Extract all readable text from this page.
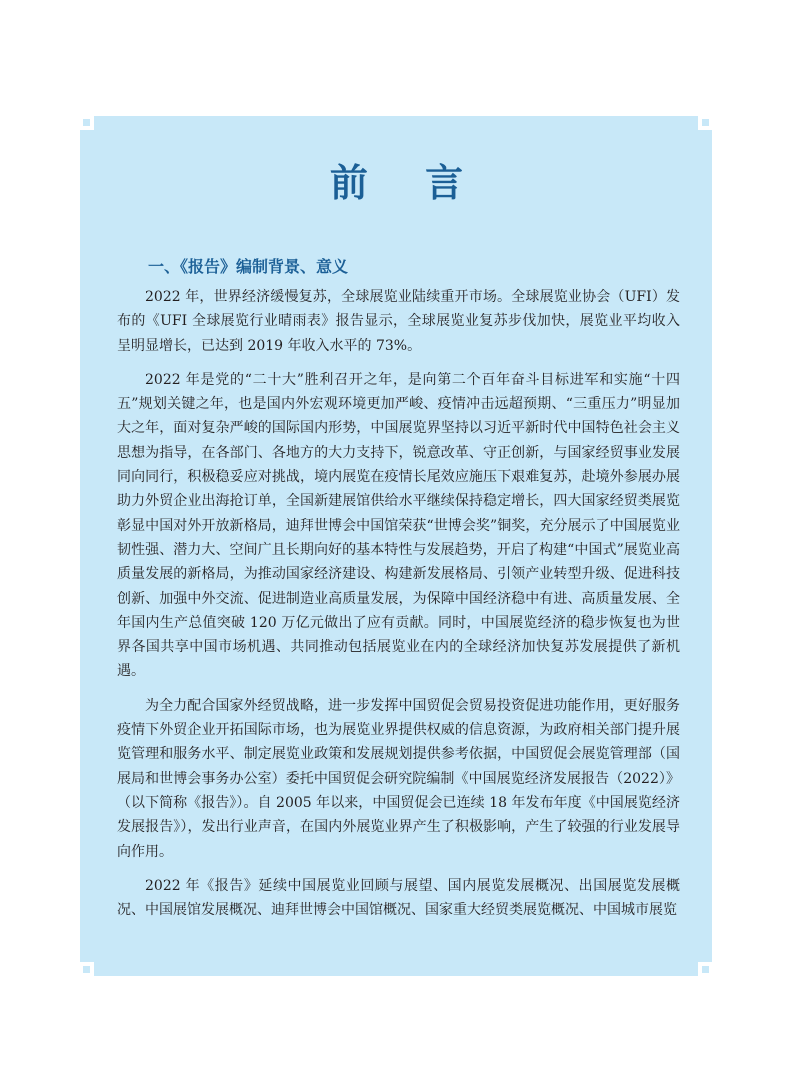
前 言
一、《报告》编制背景、意义

2022 年，世界经济缓慢复苏，全球展览业陆续重开市场。全球展览业协会（UFI）发布的《UFI 全球展览行业晴雨表》报告显示，全球展览业复苏步伐加快，展览业平均收入呈明显增长，已达到 2019 年收入水平的 73%。

2022 年是党的“二十大”胜利召开之年，是向第二个百年奋斗目标进军和实施“十四五”规划关键之年，也是国内外宏观环境更加严峻、疫情冲击远超预期、“三重压力”明显加大之年，面对复杂严峻的国际国内形势，中国展览界坚持以习近平新时代中国特色社会主义思想为指导，在各部门、各地方的大力支持下，锐意改革、守正创新，与国家经贸事业发展同向同行，积极稳妥应对挑战，境内展览在疫情长尾效应施压下艰难复苏，赴境外参展办展助力外贸企业出海抢订单，全国新建展馆供给水平继续保持稳定增长，四大国家经贸类展览彰显中国对外开放新格局，迪拜世博会中国馆荣获“世博会奖”铜奖，充分展示了中国展览业韧性强、潜力大、空间广且长期向好的基本特性与发展趋势，开启了构建“中国式”展览业高质量发展的新格局，为推动国家经济建设、构建新发展格局、引领产业转型升级、促进科技创新、加强中外交流、促进制造业高质量发展，为保障中国经济稳中有进、高质量发展、全年国内生产总值突破 120 万亿元做出了应有贡献。同时，中国展览经济的稳步恢复也为世界各国共享中国市场机遇、共同推动包括展览业在内的全球经济加快复苏发展提供了新机遇。

为全力配合国家外经贸战略，进一步发挥中国贸促会贸易投资促进功能作用，更好服务疫情下外贸企业开拓国际市场，也为展览业界提供权威的信息资源，为政府相关部门提升展览管理和服务水平、制定展览业政策和发展规划提供参考依据，中国贸促会展览管理部（国展局和世博会事务办公室）委托中国贸促会研究院编制《中国展览经济发展报告（2022）》（以下简称《报告》）。自 2005 年以来，中国贸促会已连续 18 年发布年度《中国展览经济发展报告》），发出行业声音，在国内外展览业界产生了积极影响，产生了较强的行业发展导向作用。

2022 年《报告》延续中国展览业回顾与展望、国内展览发展概况、出国展览发展概况、中国展馆发展概况、迪拜世博会中国馆概况、国家重大经贸类展览概况、中国城市展览
